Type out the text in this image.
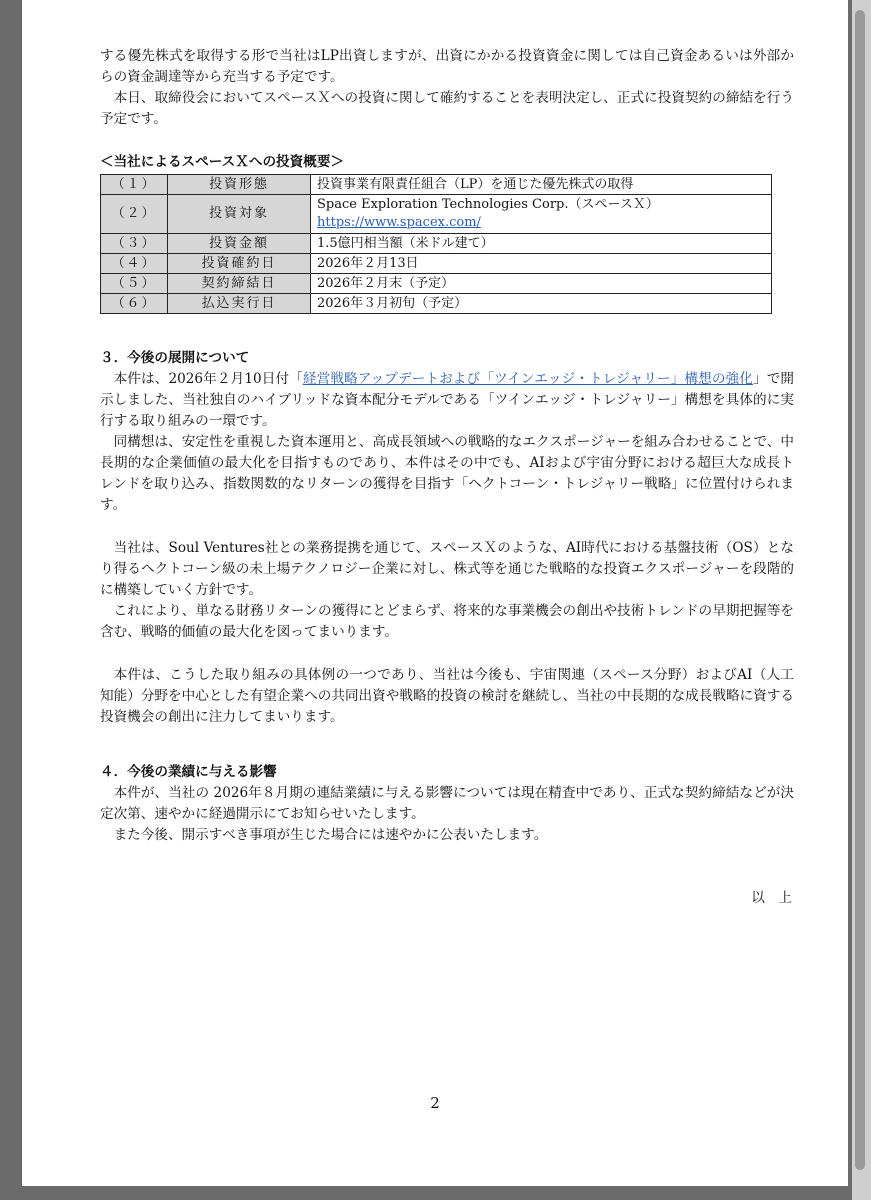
する優先株式を取得する形で当社はLP出資しますが、出資にかかる投資資金に関しては自己資金あるいは外部からの資金調達等から充当する予定です。

本日、取締役会においてスペースＸへの投資に関して確約することを表明決定し、正式に投資契約の締結を行う予定です。

＜当社によるスペースＸへの投資概要＞

（１）	投資形態	投資事業有限責任組合（LP）を通じた優先株式の取得
（２）	投資対象	Space Exploration Technologies Corp.（スペースＸ）
https://www.spacex.com/

（３）	投資金額	1.5億円相当額（米ドル建て）
（４）	投資確約日	2026年２月13日
（５）	契約締結日	2026年２月末（予定）
（６）	払込実行日	2026年３月初旬（予定）

３．今後の展開について

本件は、2026年２月10日付「経営戦略アップデートおよび「ツインエッジ・トレジャリー」構想の強化」で開示しました、当社独自のハイブリッドな資本配分モデルである「ツインエッジ・トレジャリー」構想を具体的に実行する取り組みの一環です。

同構想は、安定性を重視した資本運用と、高成長領域への戦略的なエクスポージャーを組み合わせることで、中長期的な企業価値の最大化を目指すものであり、本件はその中でも、AIおよび宇宙分野における超巨大な成長トレンドを取り込み、指数関数的なリターンの獲得を目指す「ヘクトコーン・トレジャリー戦略」に位置付けられます。

当社は、Soul Ventures社との業務提携を通じて、スペースＸのような、AI時代における基盤技術（OS）となり得るヘクトコーン級の未上場テクノロジー企業に対し、株式等を通じた戦略的な投資エクスポージャーを段階的に構築していく方針です。

これにより、単なる財務リターンの獲得にとどまらず、将来的な事業機会の創出や技術トレンドの早期把握等を含む、戦略的価値の最大化を図ってまいります。

本件は、こうした取り組みの具体例の一つであり、当社は今後も、宇宙関連（スペース分野）およびAI（人工知能）分野を中心とした有望企業への共同出資や戦略的投資の検討を継続し、当社の中長期的な成長戦略に資する投資機会の創出に注力してまいります。

４．今後の業績に与える影響

本件が、当社の 2026年８月期の連結業績に与える影響については現在精査中であり、正式な契約締結などが決定次第、速やかに経過開示にてお知らせいたします。

また今後、開示すべき事項が生じた場合には速やかに公表いたします。

以　上
2
